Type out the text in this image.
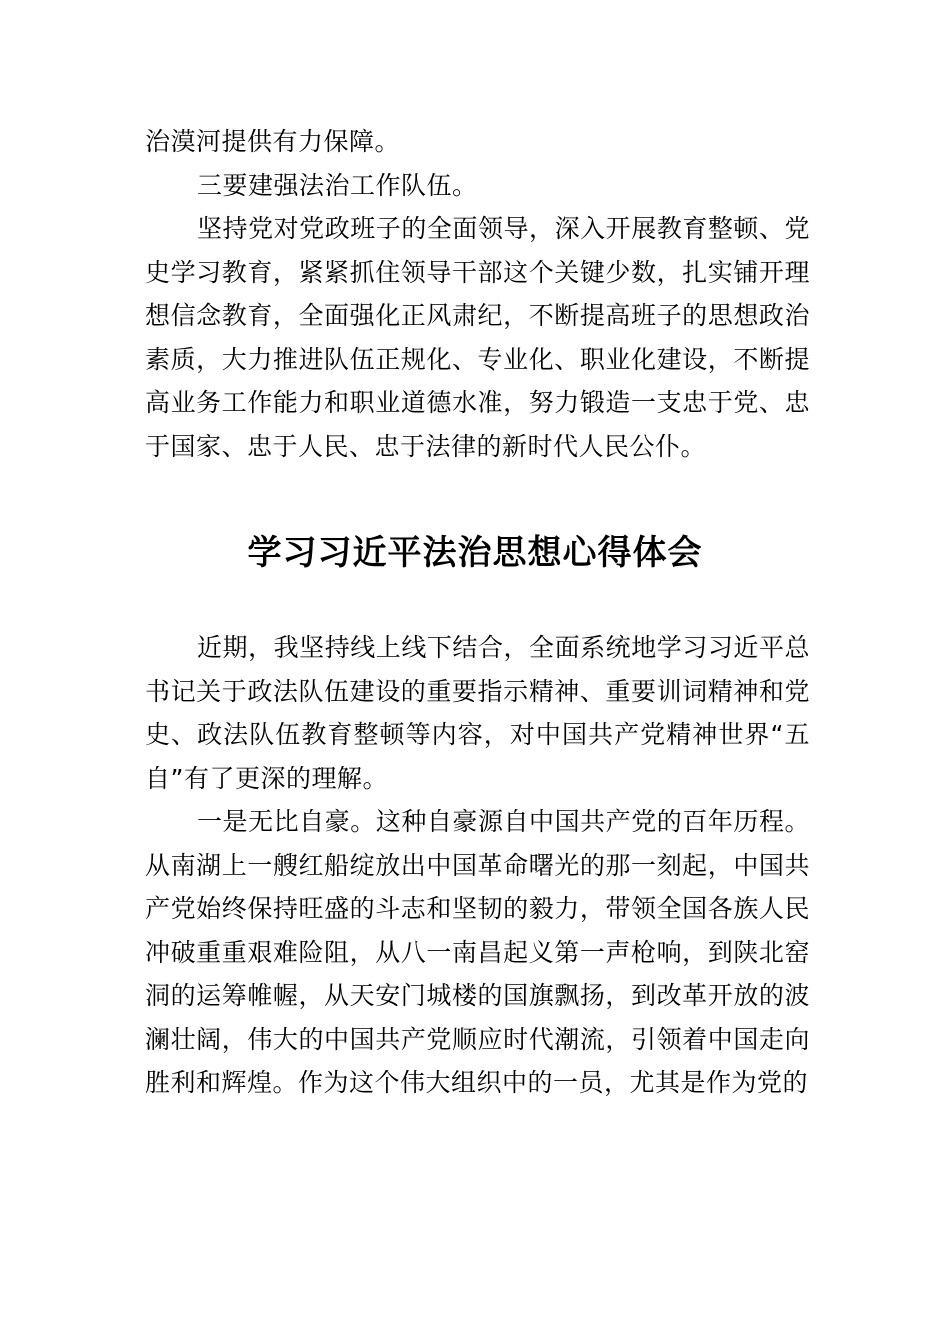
治漠河提供有力保障。

三要建强法治工作队伍。

坚持党对党政班子的全面领导，深入开展教育整顿、党史学习教育，紧紧抓住领导干部这个关键少数，扎实铺开理想信念教育，全面强化正风肃纪，不断提高班子的思想政治素质，大力推进队伍正规化、专业化、职业化建设，不断提高业务工作能力和职业道德水准，努力锻造一支忠于党、忠于国家、忠于人民、忠于法律的新时代人民公仆。

学习习近平法治思想心得体会

近期，我坚持线上线下结合，全面系统地学习习近平总书记关于政法队伍建设的重要指示精神、重要训词精神和党史、政法队伍教育整顿等内容，对中国共产党精神世界“五自”有了更深的理解。

一是无比自豪。这种自豪源自中国共产党的百年历程。从南湖上一艘红船绽放出中国革命曙光的那一刻起，中国共产党始终保持旺盛的斗志和坚韧的毅力，带领全国各族人民冲破重重艰难险阻，从八一南昌起义第一声枪响，到陕北窑洞的运筹帷幄，从天安门城楼的国旗飘扬，到改革开放的波澜壮阔，伟大的中国共产党顺应时代潮流，引领着中国走向胜利和辉煌。作为这个伟大组织中的一员，尤其是作为党的
